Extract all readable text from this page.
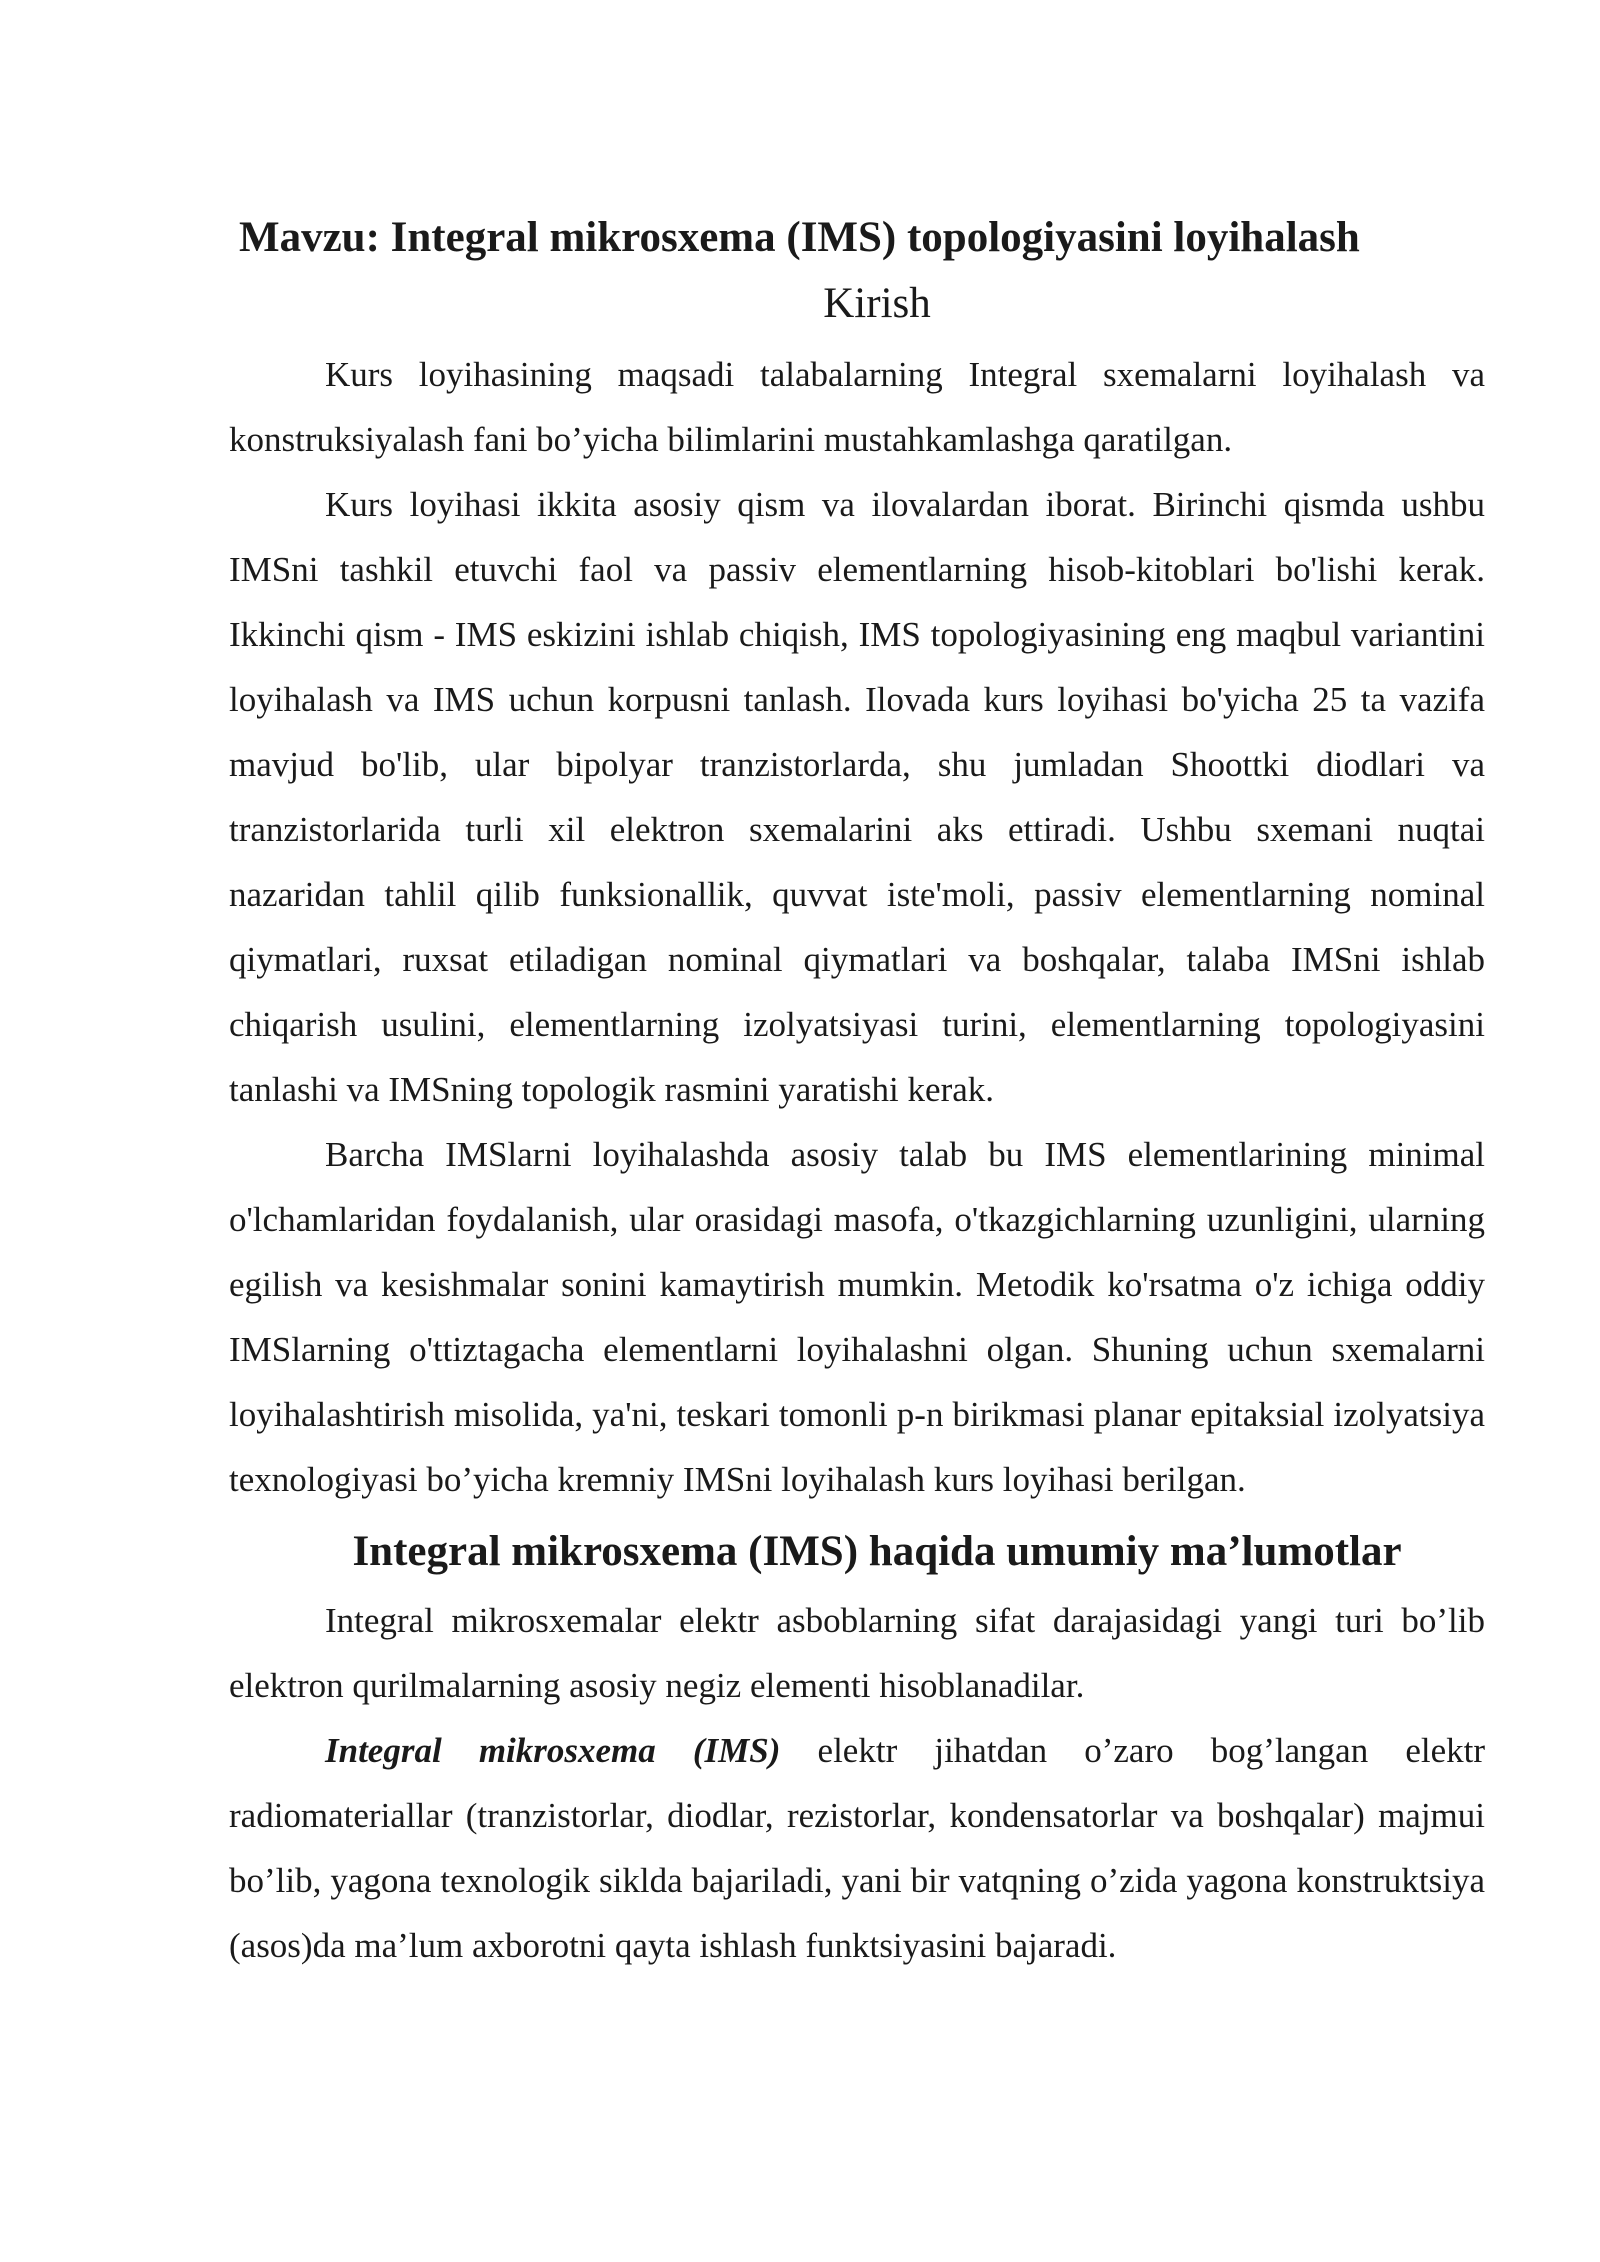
Mavzu: Integral mikrosxema (IMS) topologiyasini loyihalash
Kirish

Kurs loyihasining maqsadi talabalarning Integral sxemalarni loyihalash va konstruksiyalash fani bo’yicha bilimlarini mustahkamlashga qaratilgan.

Kurs loyihasi ikkita asosiy qism va ilovalardan iborat. Birinchi qismda ushbu IMSni tashkil etuvchi faol va passiv elementlarning hisob-kitoblari bo'lishi kerak. Ikkinchi qism - IMS eskizini ishlab chiqish, IMS topologiyasining eng maqbul variantini loyihalash va IMS uchun korpusni tanlash. Ilovada kurs loyihasi bo'yicha 25 ta vazifa mavjud bo'lib, ular bipolyar tranzistorlarda, shu jumladan Shoottki diodlari va tranzistorlarida turli xil elektron sxemalarini aks ettiradi. Ushbu sxemani nuqtai nazaridan tahlil qilib funksionallik, quvvat iste'moli, passiv elementlarning nominal qiymatlari, ruxsat etiladigan nominal qiymatlari va boshqalar, talaba IMSni ishlab chiqarish usulini, elementlarning izolyatsiyasi turini, elementlarning topologiyasini tanlashi va IMSning topologik rasmini yaratishi kerak.

Barcha IMSlarni loyihalashda asosiy talab bu IMS elementlarining minimal o'lchamlaridan foydalanish, ular orasidagi masofa, o'tkazgichlarning uzunligini, ularning egilish va kesishmalar sonini kamaytirish mumkin. Metodik ko'rsatma o'z ichiga oddiy IMSlarning o'ttiztagacha elementlarni loyihalashni olgan. Shuning uchun sxemalarni loyihalashtirish misolida, ya'ni, teskari tomonli p-n birikmasi planar epitaksial izolyatsiya texnologiyasi bo’yicha kremniy IMSni loyihalash kurs loyihasi berilgan.

Integral mikrosxema (IMS) haqida umumiy ma’lumotlar

Integral mikrosxemalar elektr asboblarning sifat darajasidagi yangi turi bo’lib elektron qurilmalarning asosiy negiz elementi hisoblanadilar.

Integral mikrosxema (IMS) elektr jihatdan o’zaro bog’langan elektr radiomateriallar (tranzistorlar, diodlar, rezistorlar, kondensatorlar va boshqalar) majmui bo’lib, yagona texnologik siklda bajariladi, yani bir vatqning o’zida yagona konstruktsiya (asos)da ma’lum axborotni qayta ishlash funktsiyasini bajaradi.
